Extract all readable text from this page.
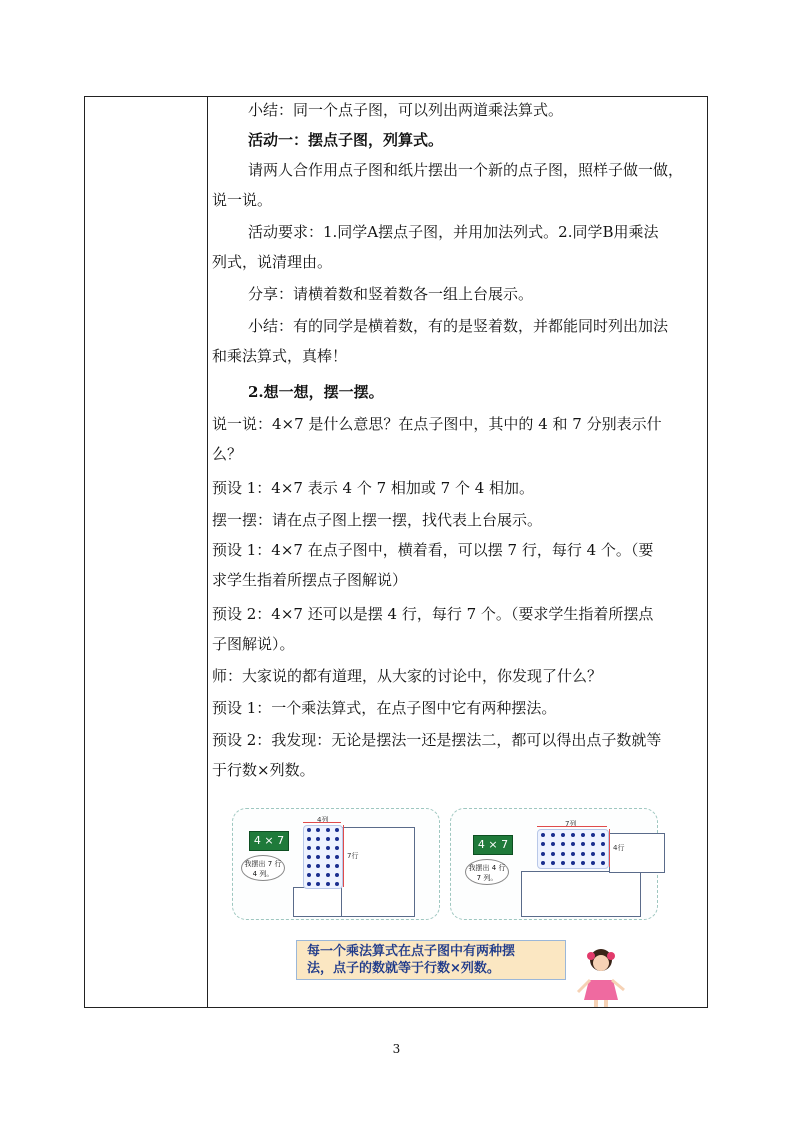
小结：同一个点子图，可以列出两道乘法算式。
活动一：摆点子图，列算式。
请两人合作用点子图和纸片摆出一个新的点子图，照样子做一做，
说一说。
活动要求：1.同学A摆点子图，并用加法列式。2.同学B用乘法
列式，说清理由。
分享：请横着数和竖着数各一组上台展示。
小结：有的同学是横着数，有的是竖着数，并都能同时列出加法
和乘法算式，真棒！
2.想一想，摆一摆。
说一说：4×7 是什么意思？在点子图中，其中的 4 和 7 分别表示什
么？
预设 1：4×7 表示 4 个 7 相加或 7 个 4 相加。
摆一摆：请在点子图上摆一摆，找代表上台展示。
预设 1：4×7 在点子图中，横着看，可以摆 7 行，每行 4 个。（要
求学生指着所摆点子图解说）
预设 2：4×7 还可以是摆 4 行，每行 7 个。（要求学生指着所摆点
子图解说）。
师：大家说的都有道理，从大家的讨论中，你发现了什么？
预设 1：一个乘法算式，在点子图中它有两种摆法。
预设 2：我发现：无论是摆法一还是摆法二，都可以得出点子数就等
于行数×列数。
4 × 7
我摆出 7 行 4 列。
4列
7行
4 × 7
我摆出 4 行 7 列。
7列
4行
每一个乘法算式在点子图中有两种摆
法，点子的数就等于行数×列数。
3
